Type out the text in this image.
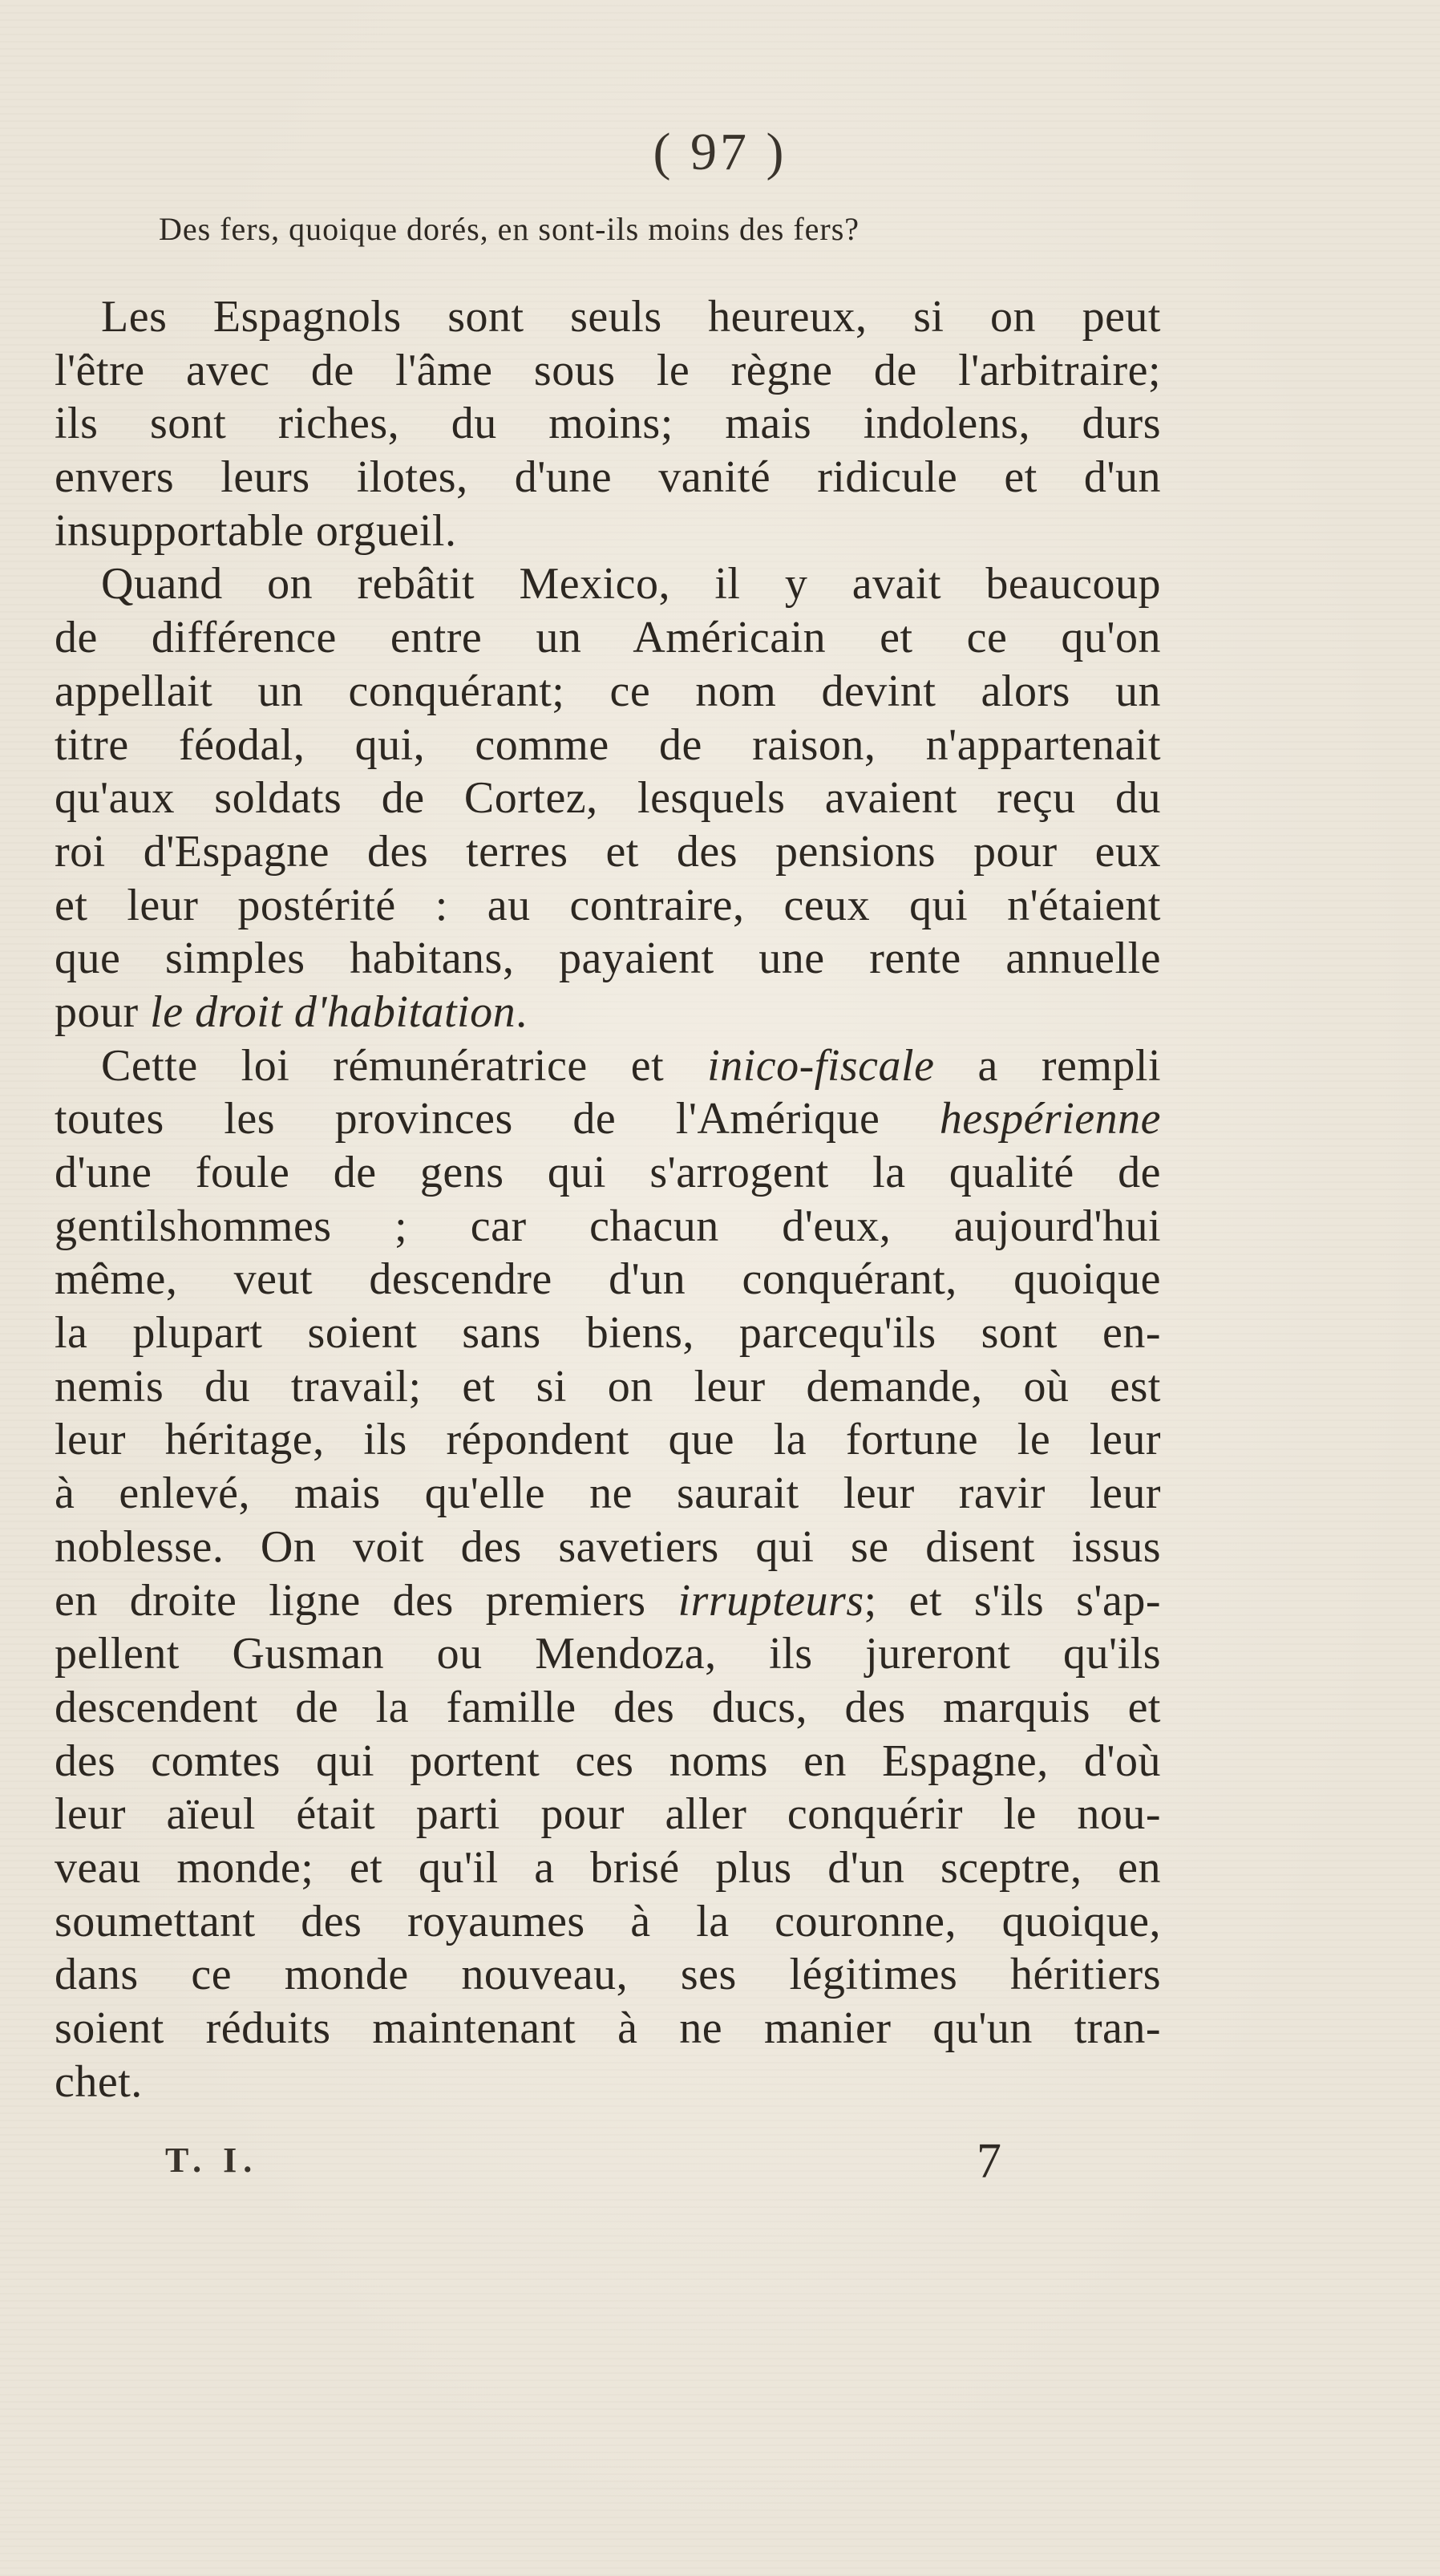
( 97 )
Des fers, quoique dorés, en sont-ils moins des fers?
Les Espagnols sont seuls heureux, si on peut
l'être avec de l'âme sous le règne de l'arbitraire;
ils sont riches, du moins; mais indolens, durs
envers leurs ilotes, d'une vanité ridicule et d'un
insupportable orgueil.
Quand on rebâtit Mexico, il y avait beaucoup
de différence entre un Américain et ce qu'on
appellait un conquérant; ce nom devint alors un
titre féodal, qui, comme de raison, n'appartenait
qu'aux soldats de Cortez, lesquels avaient reçu du
roi d'Espagne des terres et des pensions pour eux
et leur postérité : au contraire, ceux qui n'étaient
que simples habitans, payaient une rente annuelle
pour le droit d'habitation.
Cette loi rémunératrice et inico-fiscale a rempli
toutes les provinces de l'Amérique hespérienne
d'une foule de gens qui s'arrogent la qualité de
gentilshommes ; car chacun d'eux, aujourd'hui
même, veut descendre d'un conquérant, quoique
la plupart soient sans biens, parcequ'ils sont en-
nemis du travail; et si on leur demande, où est
leur héritage, ils répondent que la fortune le leur
à enlevé, mais qu'elle ne saurait leur ravir leur
noblesse. On voit des savetiers qui se disent issus
en droite ligne des premiers irrupteurs; et s'ils s'ap-
pellent Gusman ou Mendoza, ils jureront qu'ils
descendent de la famille des ducs, des marquis et
des comtes qui portent ces noms en Espagne, d'où
leur aïeul était parti pour aller conquérir le nou-
veau monde; et qu'il a brisé plus d'un sceptre, en
soumettant des royaumes à la couronne, quoique,
dans ce monde nouveau, ses légitimes héritiers
soient réduits maintenant à ne manier qu'un tran-
chet.
T. I.	7
